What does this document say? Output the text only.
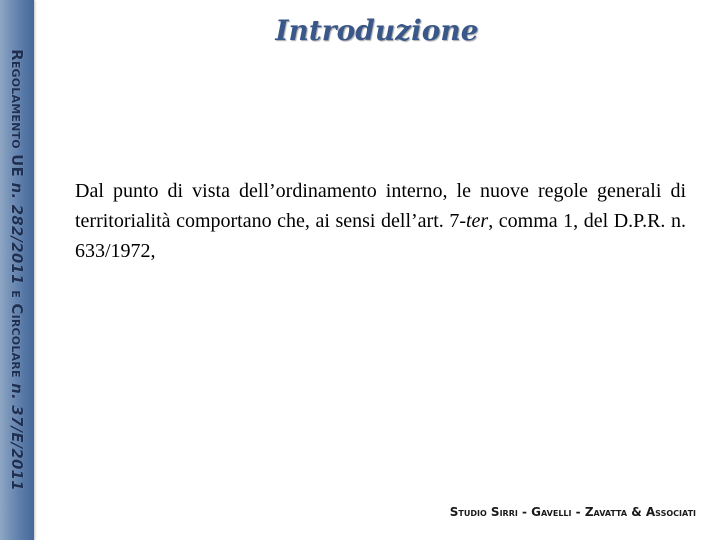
Regolamento UE n. 282/2011 e Circolare n. 37/E/2011
Introduzione

Dal punto di vista dell’ordinamento interno, le nuove regole generali di territorialità comportano che, ai sensi dell’art. 7-ter, comma 1, del D.P.R. n. 633/1972,

Studio Sirri - Gavelli - Zavatta & Associati
